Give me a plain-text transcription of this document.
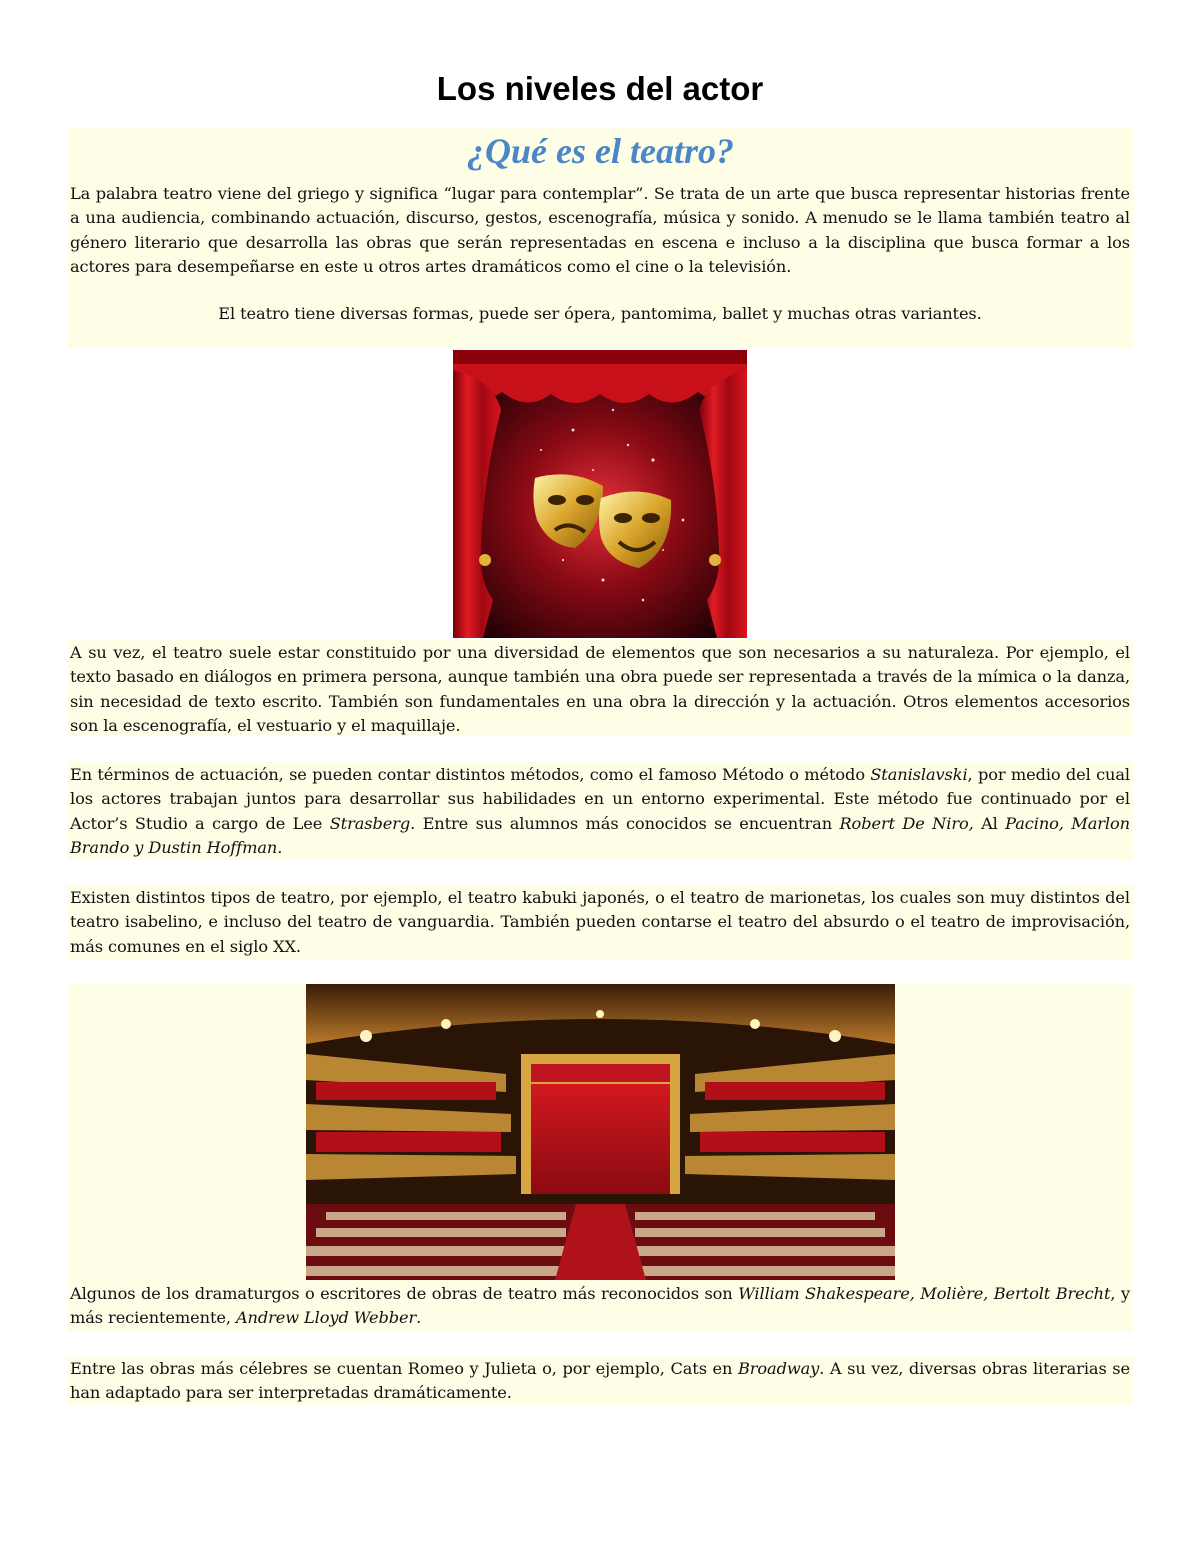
Los niveles del actor
¿Qué es el teatro?
La palabra teatro viene del griego y significa “lugar para contemplar”. Se trata de un arte que busca representar historias frente a una audiencia, combinando actuación, discurso, gestos, escenografía, música y sonido. A menudo se le llama también teatro al género literario que desarrolla las obras que serán representadas en escena e incluso a la disciplina que busca formar a los actores para desempeñarse en este u otros artes dramáticos como el cine o la televisión.
El teatro tiene diversas formas, puede ser ópera, pantomima, ballet y muchas otras variantes.
A su vez, el teatro suele estar constituido por una diversidad de elementos que son necesarios a su naturaleza. Por ejemplo, el texto basado en diálogos en primera persona, aunque también una obra puede ser representada a través de la mímica o la danza, sin necesidad de texto escrito. También son fundamentales en una obra la dirección y la actuación. Otros elementos accesorios son la escenografía, el vestuario y el maquillaje.
En términos de actuación, se pueden contar distintos métodos, como el famoso Método o método Stanislavski, por medio del cual los actores trabajan juntos para desarrollar sus habilidades en un entorno experimental. Este método fue continuado por el Actor’s Studio a cargo de Lee Strasberg. Entre sus alumnos más conocidos se encuentran Robert De Niro, Al Pacino, Marlon Brando y Dustin Hoffman.
Existen distintos tipos de teatro, por ejemplo, el teatro kabuki japonés, o el teatro de marionetas, los cuales son muy distintos del teatro isabelino, e incluso del teatro de vanguardia. También pueden contarse el teatro del absurdo o el teatro de improvisación, más comunes en el siglo XX.
Algunos de los dramaturgos o escritores de obras de teatro más reconocidos son William Shakespeare, Molière, Bertolt Brecht, y más recientemente, Andrew Lloyd Webber.
Entre las obras más célebres se cuentan Romeo y Julieta o, por ejemplo, Cats en Broadway. A su vez, diversas obras literarias se han adaptado para ser interpretadas dramáticamente.
